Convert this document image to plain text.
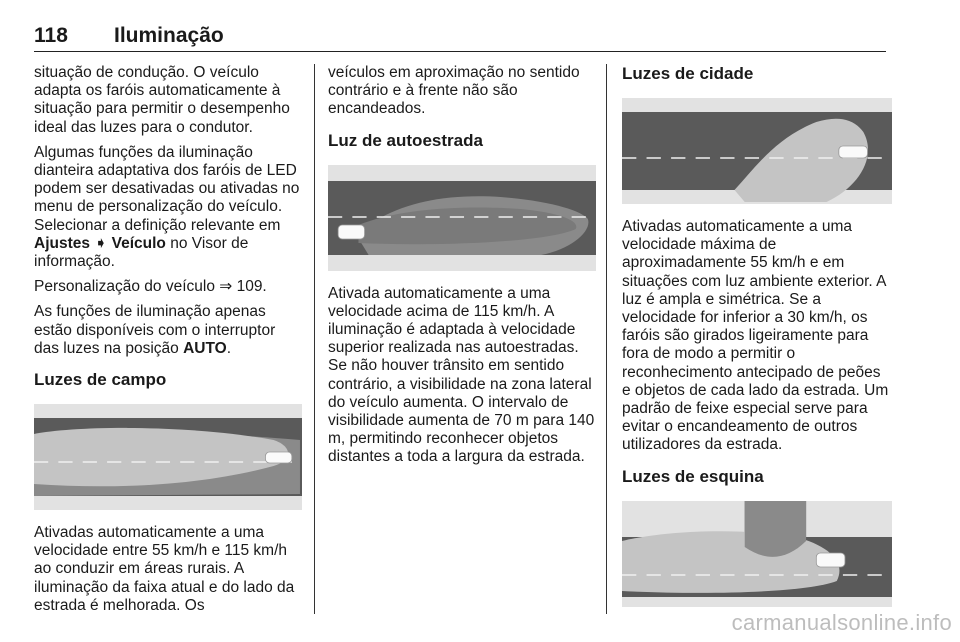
118 Iluminação

situação de condução. O veículo adapta os faróis automaticamente à situação para permitir o desempenho ideal das luzes para o condutor.

Algumas funções da iluminação dianteira adaptativa dos faróis de LED podem ser desativadas ou ativadas no menu de personalização do veículo. Selecionar a definição relevante em Ajustes ➧ Veículo no Visor de informação.

Personalização do veículo ⇒ 109.

As funções de iluminação apenas estão disponíveis com o interruptor das luzes na posição AUTO.

Luzes de campo

Ativadas automaticamente a uma velocidade entre 55 km/h e 115 km/h ao conduzir em áreas rurais. A iluminação da faixa atual e do lado da estrada é melhorada. Os

veículos em aproximação no sentido contrário e à frente não são encandeados.

Luz de autoestrada

Ativada automaticamente a uma velocidade acima de 115 km/h. A iluminação é adaptada à velocidade superior realizada nas autoestradas. Se não houver trânsito em sentido contrário, a visibilidade na zona lateral do veículo aumenta. O intervalo de visibilidade aumenta de 70 m para 140 m, permitindo reconhecer objetos distantes a toda a largura da estrada.

Luzes de cidade

Ativadas automaticamente a uma velocidade máxima de aproximadamente 55 km/h e em situações com luz ambiente exterior. A luz é ampla e simétrica. Se a velocidade for inferior a 30 km/h, os faróis são girados ligeiramente para fora de modo a permitir o reconhecimento antecipado de peões e objetos de cada lado da estrada. Um padrão de feixe especial serve para evitar o encandeamento de outros utilizadores da estrada.

Luzes de esquina
carmanualsonline.info
